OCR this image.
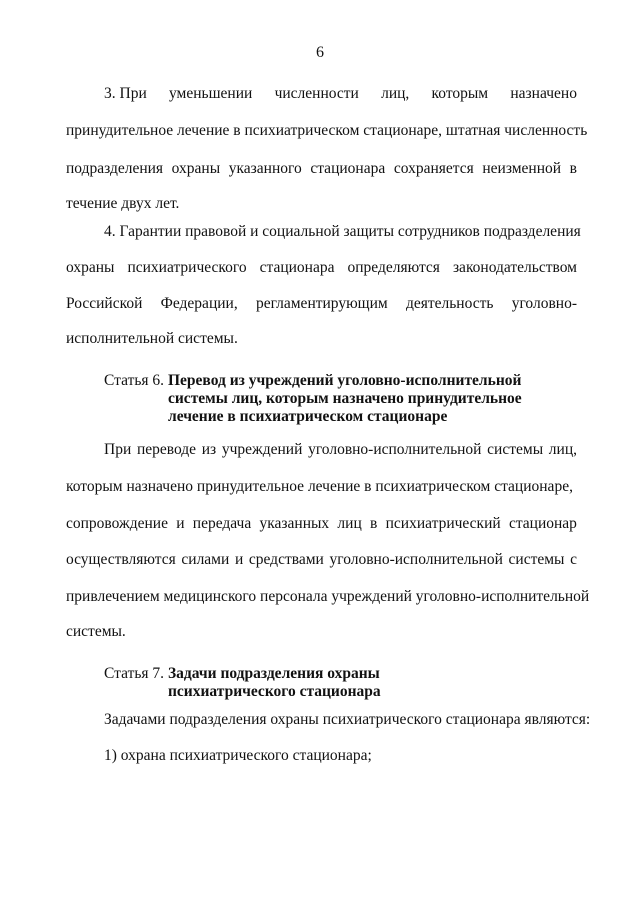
6
3. При уменьшении численности лиц, которым назначено
принудительное лечение в психиатрическом стационаре, штатная численность
подразделения охраны указанного стационара сохраняется неизменной в
течение двух лет.
4. Гарантии правовой и социальной защиты сотрудников подразделения
охраны психиатрического стационара определяются законодательством
Российской Федерации, регламентирующим деятельность уголовно-
исполнительной системы.
Статья 6. Перевод из учреждений уголовно-исполнительной
системы лиц, которым назначено принудительное
лечение в психиатрическом стационаре
При переводе из учреждений уголовно-исполнительной системы лиц,
которым назначено принудительное лечение в психиатрическом стационаре,
сопровождение и передача указанных лиц в психиатрический стационар
осуществляются силами и средствами уголовно-исполнительной системы с
привлечением медицинского персонала учреждений уголовно-исполнительной
системы.
Статья 7. Задачи подразделения охраны
психиатрического стационара
Задачами подразделения охраны психиатрического стационара являются:
1) охрана психиатрического стационара;
